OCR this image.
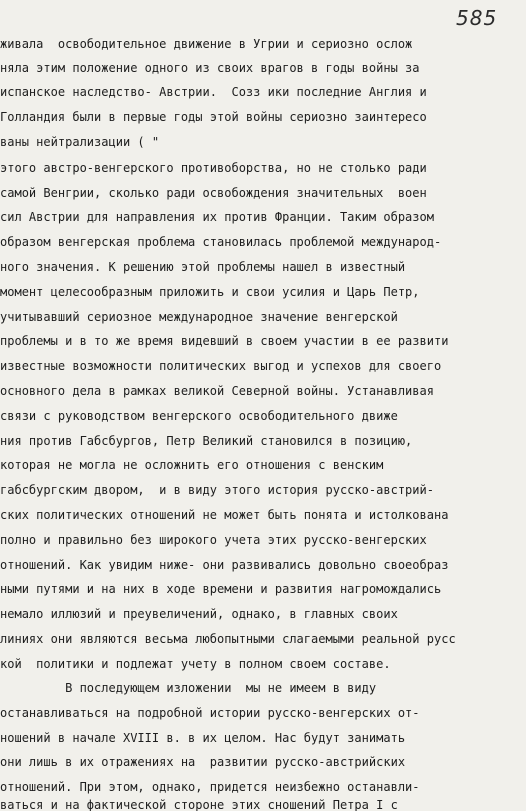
585
живала  освободительное движение в Угрии и сериозно ослож
няла этим положение одного из своих врагов в годы войны за
испанское наследство- Австрии.  Созз ики последние Англия и
Голландия были в первые годы этой войны сериозно заинтересо
ваны нейтрализации ( "
этого австро-венгерского противоборства, но не столько ради
самой Венгрии, сколько ради освобождения значительных  воен
сил Австрии для направления их против Франции. Таким образом
образом венгерская проблема становилась проблемой международ-
ного значения. К решению этой проблемы нашел в известный
момент целесообразным приложить и свои усилия и Царь Петр,
учитывавший сериозное международное значение венгерской
проблемы и в то же время видевший в своем участии в ее развити
известные возможности политических выгод и успехов для своего
основного дела в рамках великой Северной войны. Устанавливая
связи с руководством венгерского освободительного движе
ния против Габсбургов, Петр Великий становился в позицию,
которая не могла не осложнить его отношения с венским
габсбургским двором,  и в виду этого история русско-австрий-
ских политических отношений не может быть понята и истолкована
полно и правильно без широкого учета этих русско-венгерских
отношений. Как увидим ниже- они развивались довольно своеобраз
ными путями и на них в ходе времени и развития нагромождались
немало иллюзий и преувеличений, однако, в главных своих
линиях они являются весьма любопытными слагаемыми реальной русс
кой  политики и подлежат учету в полном своем составе.
В последующем изложении  мы не имеем в виду
останавливаться на подробной истории русско-венгерских от-
ношений в начале XVIII в. в их целом. Нас будут занимать
они лишь в их отражениях на  развитии русско-австрийских
отношений. При этом, однако, придется неизбежно останавли-
ваться и на фактической стороне этих сношений Петра I с
